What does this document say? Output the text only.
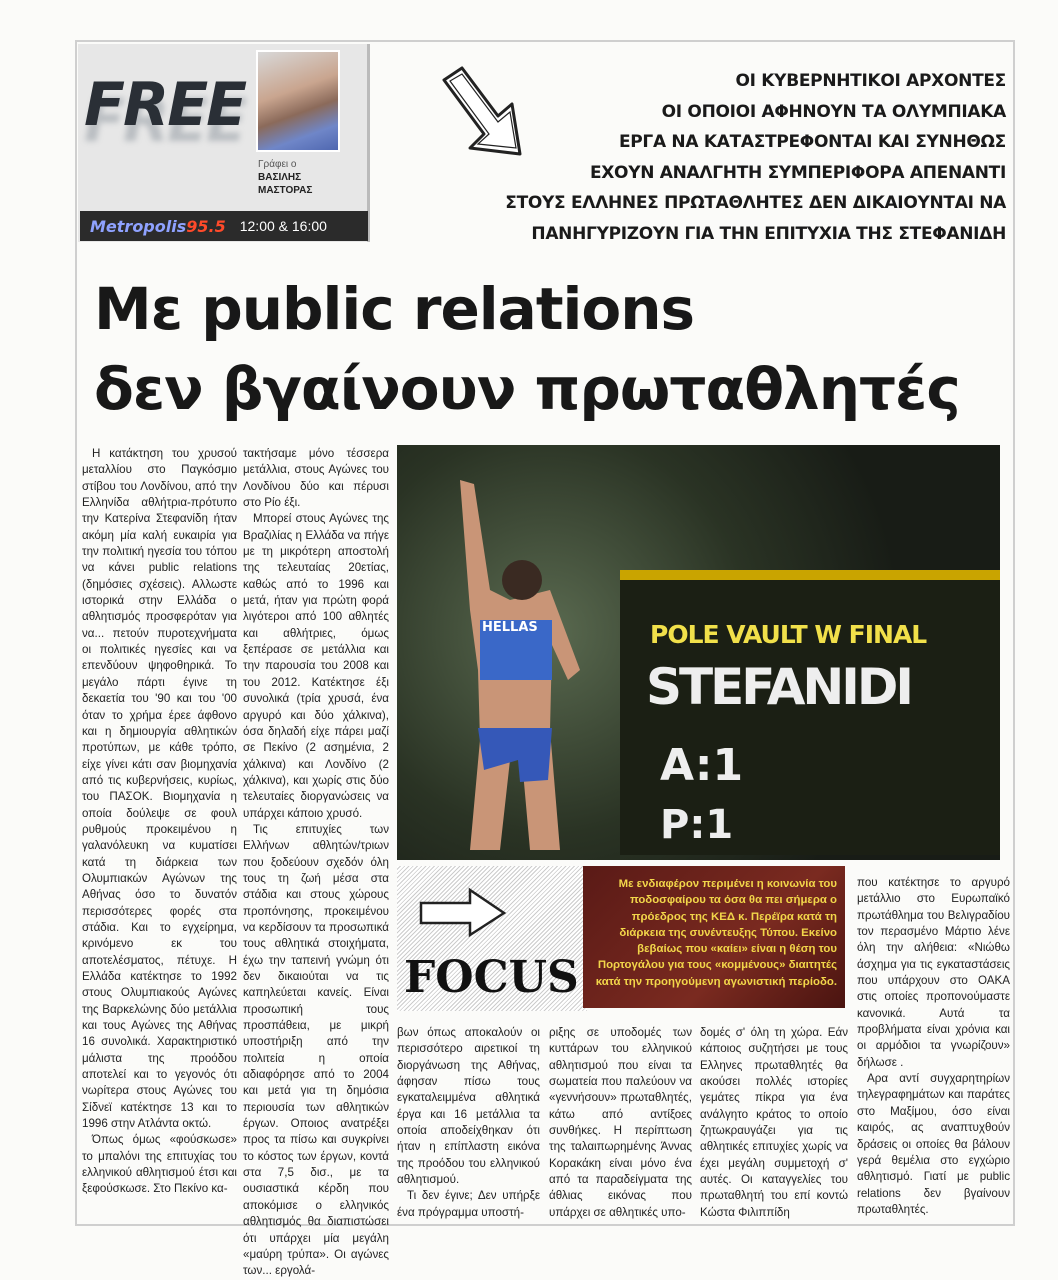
FREE
Γράφει ο
ΒΑΣΙΛΗΣ
ΜΑΣΤΟΡΑΣ
Metropolis95.5 12:00 & 16:00
ΟΙ ΚΥΒΕΡΝΗΤΙΚΟΙ ΑΡΧΟΝΤΕΣ
ΟΙ ΟΠΟΙΟΙ ΑΦΗΝΟΥΝ ΤΑ ΟΛΥΜΠΙΑΚΑ
ΕΡΓΑ ΝΑ ΚΑΤΑΣΤΡΕΦΟΝΤΑΙ ΚΑΙ ΣΥΝΗΘΩΣ
ΕΧΟΥΝ ΑΝΑΛΓΗΤΗ ΣΥΜΠΕΡΙΦΟΡΑ ΑΠΕΝΑΝΤΙ
ΣΤΟΥΣ ΕΛΛΗΝΕΣ ΠΡΩΤΑΘΛΗΤΕΣ ΔΕΝ ΔΙΚΑΙΟΥΝΤΑΙ ΝΑ
ΠΑΝΗΓΥΡΙΖΟΥΝ ΓΙΑ ΤΗΝ ΕΠΙΤΥΧΙΑ ΤΗΣ ΣΤΕΦΑΝΙΔΗ
Με public relations
δεν βγαίνουν πρωταθλητές

Η κατάκτηση του χρυσού μεταλλίου στο Παγκόσμιο στίβου του Λονδίνου, από την Ελληνίδα αθλήτρια-πρότυπο την Κατερίνα Στεφανίδη ήταν ακόμη μία καλή ευκαιρία για την πολιτική ηγεσία του τόπου να κάνει public relations (δημόσιες σχέσεις). Αλλωστε ιστορικά στην Ελλάδα ο αθλητισμός προσφερόταν για να... πετούν πυροτεχνήματα οι πολιτικές ηγεσίες και να επενδύουν ψηφοθηρικά. Το μεγάλο πάρτι έγινε τη δεκαετία του '90 και του '00 όταν το χρήμα έρεε άφθονο και η δημιουργία αθλητικών προτύπων, με κάθε τρόπο, είχε γίνει κάτι σαν βιομηχανία από τις κυβερνήσεις, κυρίως, του ΠΑΣΟΚ. Βιομηχανία η οποία δούλεψε σε φουλ ρυθμούς προκειμένου η γαλανόλευκη να κυματίσει κατά τη διάρκεια των Ολυμπιακών Αγώνων της Αθήνας όσο το δυνατόν περισσότερες φορές στα στάδια. Και το εγχείρημα, κρινόμενο εκ του αποτελέσματος, πέτυχε. Η Ελλάδα κατέκτησε το 1992 στους Ολυμπιακούς Αγώνες της Βαρκελώνης δύο μετάλλια και τους Αγώνες της Αθήνας 16 συνολικά. Χαρακτηριστικό μάλιστα της προόδου αποτελεί και το γεγονός ότι νωρίτερα στους Αγώνες του Σίδνεϊ κατέκτησε 13 και το 1996 στην Ατλάντα οκτώ.

Όπως όμως «φούσκωσε» το μπαλόνι της επιτυχίας του ελληνικού αθλητισμού έτσι και ξεφούσκωσε. Στο Πεκίνο κα-

τακτήσαμε μόνο τέσσερα μετάλλια, στους Αγώνες του Λονδίνου δύο και πέρυσι στο Ρίο έξι.

Μπορεί στους Αγώνες της Βραζιλίας η Ελλάδα να πήγε με τη μικρότερη αποστολή της τελευταίας 20ετίας, καθώς από το 1996 και μετά, ήταν για πρώτη φορά λιγότεροι από 100 αθλητές και αθλήτριες, όμως ξεπέρασε σε μετάλλια και την παρουσία του 2008 και του 2012. Κατέκτησε έξι συνολικά (τρία χρυσά, ένα αργυρό και δύο χάλκινα), όσα δηλαδή είχε πάρει μαζί σε Πεκίνο (2 ασημένια, 2 χάλκινα) και Λονδίνο (2 χάλκινα), και χωρίς στις δύο τελευταίες διοργανώσεις να υπάρχει κάποιο χρυσό.

Τις επιτυχίες των Ελλήνων αθλητών/τριων που ξοδεύουν σχεδόν όλη τους τη ζωή μέσα στα στάδια και στους χώρους προπόνησης, προκειμένου να κερδίσουν τα προσωπικά τους αθλητικά στοιχήματα, έχω την ταπεινή γνώμη ότι δεν δικαιούται να τις καπηλεύεται κανείς. Είναι προσωπική τους προσπάθεια, με μικρή υποστήριξη από την πολιτεία η οποία αδιαφόρησε από το 2004 και μετά για τη δημόσια περιουσία των αθλητικών έργων. Οποιος ανατρέξει προς τα πίσω και συγκρίνει το κόστος των έργων, κοντά στα 7,5 δισ., με τα ουσιαστικά κέρδη που αποκόμισε ο ελληνικός αθλητισμός θα διαπιστώσει ότι υπάρχει μία μεγάλη «μαύρη τρύπα». Οι αγώνες των... εργολά-

POLE VAULT W FINAL
STEFANIDI
A:1
P:1
HELLAS
Με ενδιαφέρον περιμένει η κοινωνία του ποδοσφαίρου τα όσα θα πει σήμερα ο πρόεδρος της ΚΕΔ κ. Περέϊρα κατά τη διάρκεια της συνέντευξης Τύπου. Εκείνο βεβαίως που «καίει» είναι η θέση του Πορτογάλου για τους «κομμένους» διαιτητές κατά την προηγούμενη αγωνιστική περίοδο.
FOCUS

που κατέκτησε το αργυρό μετάλλιο στο Ευρωπαϊκό πρωτάθλημα του Βελιγραδίου τον περασμένο Μάρτιο λένε όλη την αλήθεια: «Νιώθω άσχημα για τις εγκαταστάσεις που υπάρχουν στο ΟΑΚΑ στις οποίες προπονούμαστε κανονικά. Αυτά τα προβλήματα είναι χρόνια και οι αρμόδιοι τα γνωρίζουν» δήλωσε .

Αρα αντί συγχαρητηρίων τηλεγραφημάτων και παράτες στο Μαξίμου, όσο είναι καιρός, ας αναπτυχθούν δράσεις οι οποίες θα βάλουν γερά θεμέλια στο εγχώριο αθλητισμό. Γιατί με public relations δεν βγαίνουν πρωταθλητές.

βων όπως αποκαλούν οι περισσότερο αιρετικοί τη διοργάνωση της Αθήνας, άφησαν πίσω τους εγκαταλειμμένα αθλητικά έργα και 16 μετάλλια τα οποία αποδείχθηκαν ότι ήταν η επίπλαστη εικόνα της προόδου του ελληνικού αθλητισμού.

Τι δεν έγινε; Δεν υπήρξε ένα πρόγραμμα υποστή-

ριξης σε υποδομές των κυττάρων του ελληνικού αθλητισμού που είναι τα σωματεία που παλεύουν να «γεννήσουν» πρωταθλητές, κάτω από αντίξοες συνθήκες. Η περίπτωση της ταλαιπωρημένης Άννας Κορακάκη είναι μόνο ένα από τα παραδείγματα της άθλιας εικόνας που υπάρχει σε αθλητικές υπο-

δομές σ' όλη τη χώρα. Εάν κάποιος συζητήσει με τους Ελληνες πρωταθλητές θα ακούσει πολλές ιστορίες γεμάτες πίκρα για ένα ανάλγητο κράτος το οποίο ζητωκραυγάζει για τις αθλητικές επιτυχίες χωρίς να έχει μεγάλη συμμετοχή σ' αυτές. Οι καταγγελίες του πρωταθλητή του επί κοντώ Κώστα Φιλιππίδη
